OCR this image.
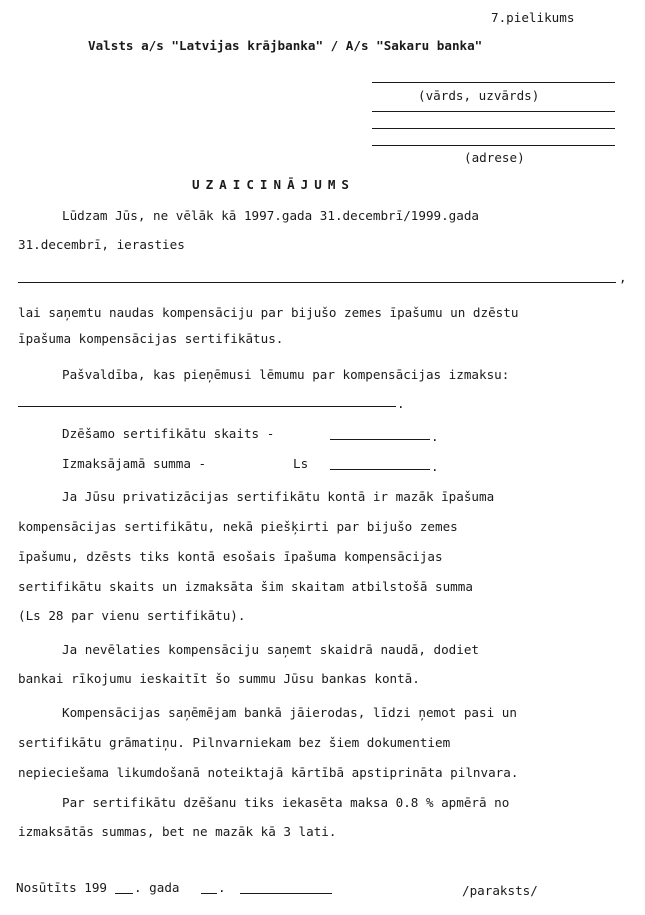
7.pielikums
Valsts a/s "Latvijas krājbanka" / A/s "Sakaru banka"
(vārds, uzvārds)
(adrese)
UZAICINĀJUMS
Lūdzam Jūs, ne vēlāk kā 1997.gada 31.decembrī/1999.gada
31.decembrī, ierasties
,
lai saņemtu naudas kompensāciju par bijušo zemes īpašumu un dzēstu
īpašuma kompensācijas sertifikātus.
Pašvaldība, kas pieņēmusi lēmumu par kompensācijas izmaksu:
.
Dzēšamo sertifikātu skaits -	.
Izmaksājamā summa -	Ls	.
Ja Jūsu privatizācijas sertifikātu kontā ir mazāk īpašuma
kompensācijas sertifikātu, nekā piešķirti par bijušo zemes
īpašumu, dzēsts tiks kontā esošais īpašuma kompensācijas
sertifikātu skaits un izmaksāta šim skaitam atbilstošā summa
(Ls 28 par vienu sertifikātu).
Ja nevēlaties kompensāciju saņemt skaidrā naudā, dodiet
bankai rīkojumu ieskaitīt šo summu Jūsu bankas kontā.
Kompensācijas saņēmējam bankā jāierodas, līdzi ņemot pasi un
sertifikātu grāmatiņu. Pilnvarniekam bez šiem dokumentiem
nepieciešama likumdošanā noteiktajā kārtībā apstiprināta pilnvara.
Par sertifikātu dzēšanu tiks iekasēta maksa 0.8 % apmērā no
izmaksātās summas, bet ne mazāk kā 3 lati.
Nosūtīts 199 . gada	.	/paraksts/
